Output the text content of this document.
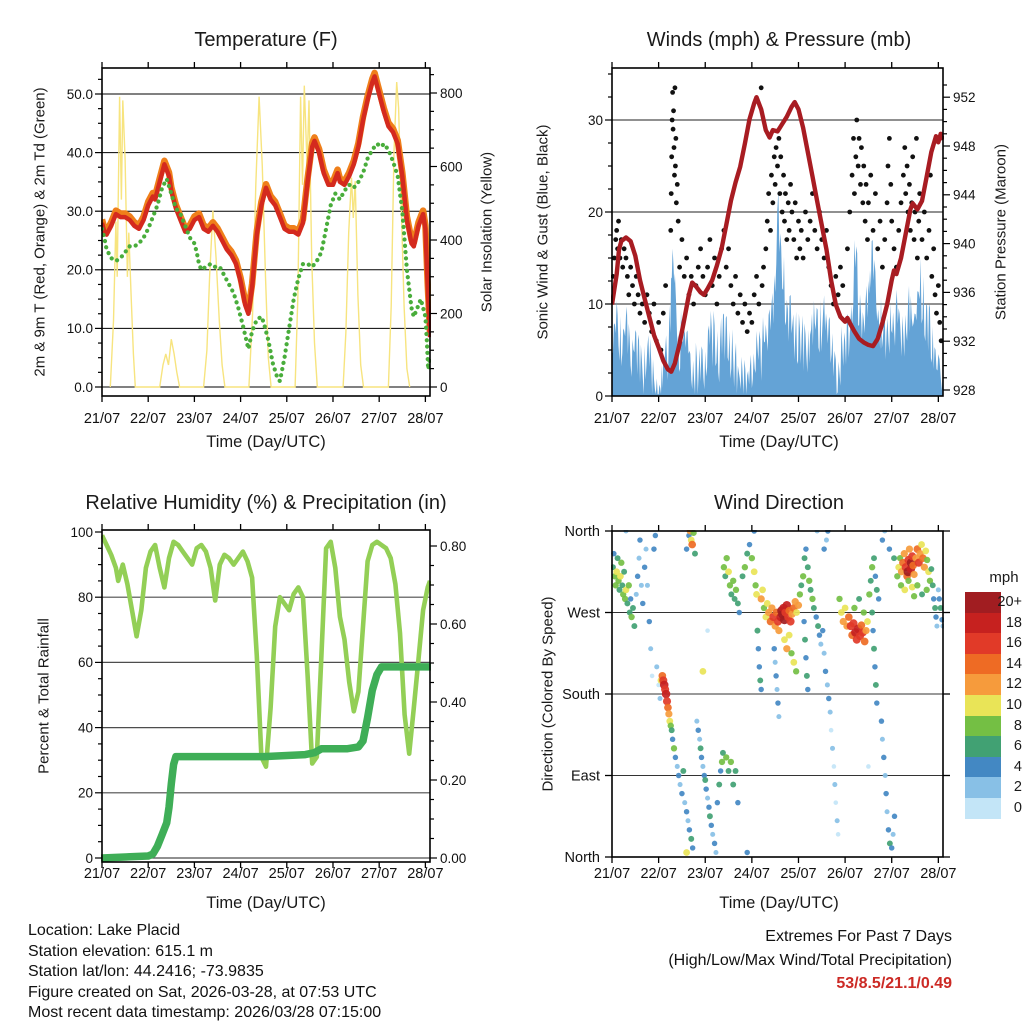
21/07 22/07 23/07 24/07 25/07 26/07 27/07 28/07	21/07 22/07 23/07 24/07 25/07 26/07 27/07 28/07
21/07 22/07 23/07 24/07 25/07 26/07 27/07 28/07	21/07 22/07 23/07 24/07 25/07 26/07 27/07 28/07
0.0
10.0
20.0
30.0
40.0
50.0
0
200
400
600
800
0
10
20
30
928
932
936
940
944
948
952
0
20
40
60
80
100
0.00
0.20
0.40
0.60
0.80
North
West
South
East
North
Temperature (F)	Winds (mph) & Pressure (mb)
Relative Humidity (%) & Precipitation (in)	Wind Direction
Time (Day/UTC)	Time (Day/UTC)
Time (Day/UTC)	Time (Day/UTC)
2m & 9m T (Red, Orange) & 2m Td (Green)	Solar Insolation (Yellow)	Sonic Wind & Gust (Blue, Black)	Station Pressure (Maroon)
Percent & Total Rainfall	Direction (Colored By Speed)
mph
20+
18
16
14
12
10
8
6
4
2
0
Location: Lake Placid
Station elevation: 615.1 m
Station lat/lon: 44.2416; -73.9835
Figure created on Sat, 2026-03-28, at 07:53 UTC
Most recent data timestamp: 2026/03/28 07:15:00
Extremes For Past 7 Days
(High/Low/Max Wind/Total Precipitation)
53/8.5/21.1/0.49
